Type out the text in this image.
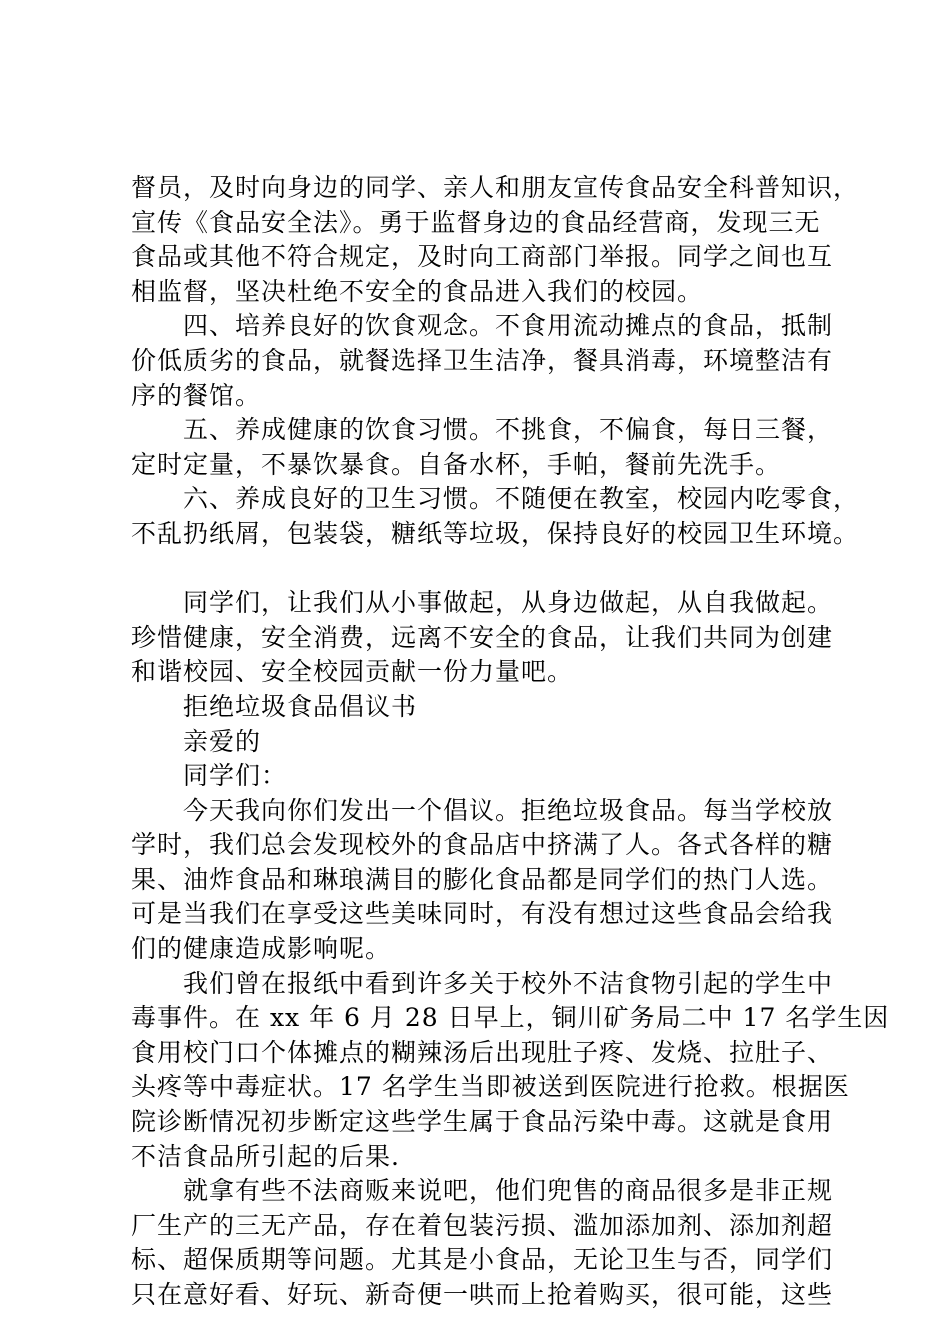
督员，及时向身边的同学、亲人和朋友宣传食品安全科普知识，
宣传《食品安全法》。勇于监督身边的食品经营商，发现三无
食品或其他不符合规定，及时向工商部门举报。同学之间也互
相监督，坚决杜绝不安全的食品进入我们的校园。
四、培养良好的饮食观念。不食用流动摊点的食品，抵制
价低质劣的食品，就餐选择卫生洁净，餐具消毒，环境整洁有
序的餐馆。
五、养成健康的饮食习惯。不挑食，不偏食，每日三餐，
定时定量，不暴饮暴食。自备水杯，手帕，餐前先洗手。
六、养成良好的卫生习惯。不随便在教室，校园内吃零食，
不乱扔纸屑，包装袋，糖纸等垃圾，保持良好的校园卫生环境。
同学们，让我们从小事做起，从身边做起，从自我做起。
珍惜健康，安全消费，远离不安全的食品，让我们共同为创建
和谐校园、安全校园贡献一份力量吧。
拒绝垃圾食品倡议书
亲爱的
同学们：
今天我向你们发出一个倡议。拒绝垃圾食品。每当学校放
学时，我们总会发现校外的食品店中挤满了人。各式各样的糖
果、油炸食品和琳琅满目的膨化食品都是同学们的热门人选。
可是当我们在享受这些美味同时，有没有想过这些食品会给我
们的健康造成影响呢。
我们曾在报纸中看到许多关于校外不洁食物引起的学生中
毒事件。在 xx 年 6 月 28 日早上，铜川矿务局二中 17 名学生因
食用校门口个体摊点的糊辣汤后出现肚子疼、发烧、拉肚子、
头疼等中毒症状。17 名学生当即被送到医院进行抢救。根据医
院诊断情况初步断定这些学生属于食品污染中毒。这就是食用
不洁食品所引起的后果.
就拿有些不法商贩来说吧，他们兜售的商品很多是非正规
厂生产的三无产品，存在着包装污损、滥加添加剂、添加剂超
标、超保质期等问题。尤其是小食品，无论卫生与否，同学们
只在意好看、好玩、新奇便一哄而上抢着购买，很可能，这些
